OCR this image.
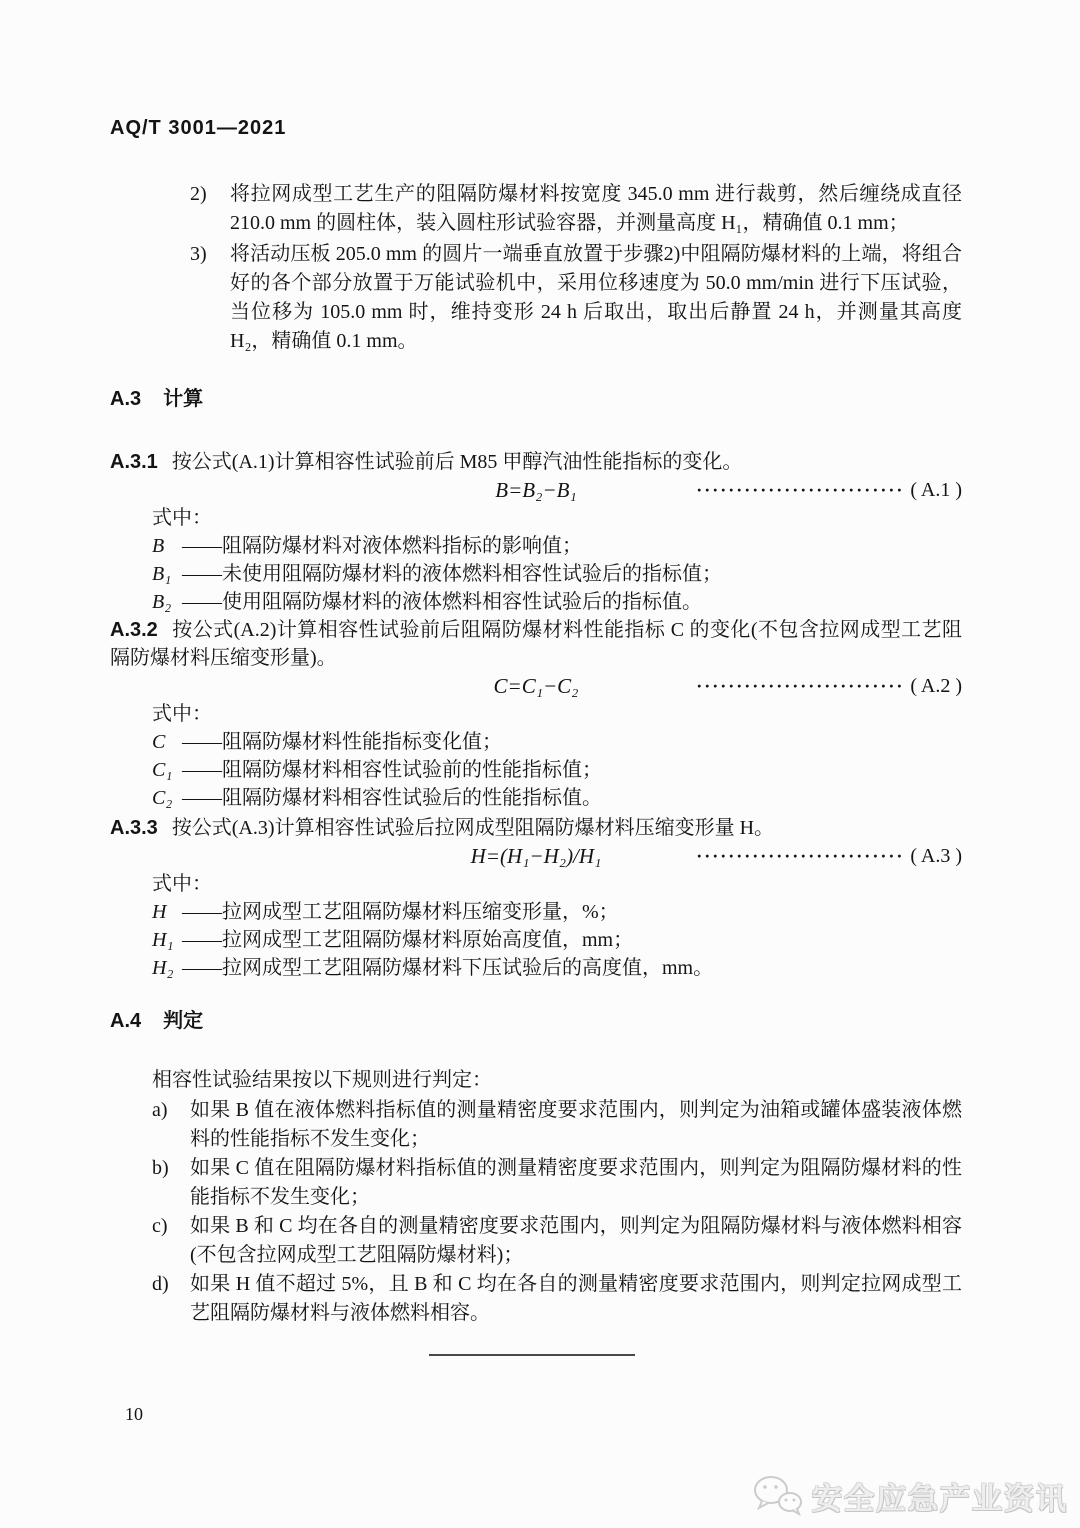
AQ/T 3001—2021
2)	将拉网成型工艺生产的阻隔防爆材料按宽度 345.0 mm 进行裁剪，然后缠绕成直径 210.0 mm 的圆柱体，装入圆柱形试验容器，并测量高度 H₁，精确值 0.1 mm；
3)	将活动压板 205.0 mm 的圆片一端垂直放置于步骤2)中阻隔防爆材料的上端，将组合好的各个部分放置于万能试验机中，采用位移速度为 50.0 mm/min 进行下压试验，当位移为 105.0 mm 时，维持变形 24 h 后取出，取出后静置 24 h，并测量其高度 H₂，精确值 0.1 mm。
A.3 计算

A.3.1 按公式(A.1)计算相容性试验前后 M85 甲醇汽油性能指标的变化。

B=B₂−B₁	·························· ( A.1 )
式中：
B ——阻隔防爆材料对液体燃料指标的影响值；
B₁ ——未使用阻隔防爆材料的液体燃料相容性试验后的指标值；
B₂ ——使用阻隔防爆材料的液体燃料相容性试验后的指标值。

A.3.2 按公式(A.2)计算相容性试验前后阻隔防爆材料性能指标 C 的变化(不包含拉网成型工艺阻隔防爆材料压缩变形量)。

C=C₁−C₂	·························· ( A.2 )
式中：
C ——阻隔防爆材料性能指标变化值；
C₁ ——阻隔防爆材料相容性试验前的性能指标值；
C₂ ——阻隔防爆材料相容性试验后的性能指标值。

A.3.3 按公式(A.3)计算相容性试验后拉网成型阻隔防爆材料压缩变形量 H。

H=(H₁−H₂)/H₁	·························· ( A.3 )
式中：
H ——拉网成型工艺阻隔防爆材料压缩变形量，%；
H₁ ——拉网成型工艺阻隔防爆材料原始高度值，mm；
H₂ ——拉网成型工艺阻隔防爆材料下压试验后的高度值，mm。
A.4 判定

相容性试验结果按以下规则进行判定：

a)	如果 B 值在液体燃料指标值的测量精密度要求范围内，则判定为油箱或罐体盛装液体燃料的性能指标不发生变化；
b)	如果 C 值在阻隔防爆材料指标值的测量精密度要求范围内，则判定为阻隔防爆材料的性能指标不发生变化；
c)	如果 B 和 C 均在各自的测量精密度要求范围内，则判定为阻隔防爆材料与液体燃料相容(不包含拉网成型工艺阻隔防爆材料)；
d)	如果 H 值不超过 5%，且 B 和 C 均在各自的测量精密度要求范围内，则判定拉网成型工艺阻隔防爆材料与液体燃料相容。
10
安全应急产业资讯
